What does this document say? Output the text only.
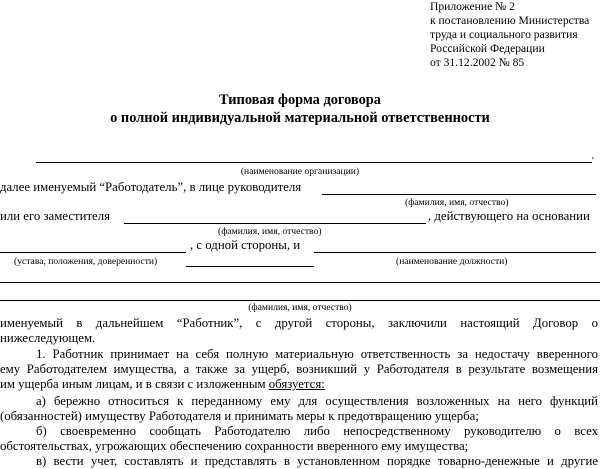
Приложение № 2
к постановлению Министерства
труда и социального развития
Российской Федерации
от 31.12.2002 № 85
Типовая форма договора
о полной индивидуальной материальной ответственности
'
(наименование организации)
далее именуемый “Работодатель”, в лице руководителя
(фамилия, имя, отчество)
или его заместителя	, действующего на основании
(фамилия, имя, отчество)
, с одной стороны, и
(устава, положения, доверенности)	(наименование должности)
(фамилия, имя, отчество)
именуемый в дальнейшем “Работник”, с другой стороны, заключили настоящий Договор о
нижеследующем.
1. Работник принимает на себя полную материальную ответственность за недостачу вверенного
ему Работодателем имущества, а также за ущерб, возникший у Работодателя в результате возмещения
им ущерба иным лицам, и в связи с изложенным обязуется:
а) бережно относиться к переданному ему для осуществления возложенных на него функций
(обязанностей) имуществу Работодателя и принимать меры к предотвращению ущерба;
б) своевременно сообщать Работодателю либо непосредственному руководителю о всех
обстоятельствах, угрожающих обеспечению сохранности вверенного ему имущества;
в) вести учет, составлять и представлять в установленном порядке товарно-денежные и другие
